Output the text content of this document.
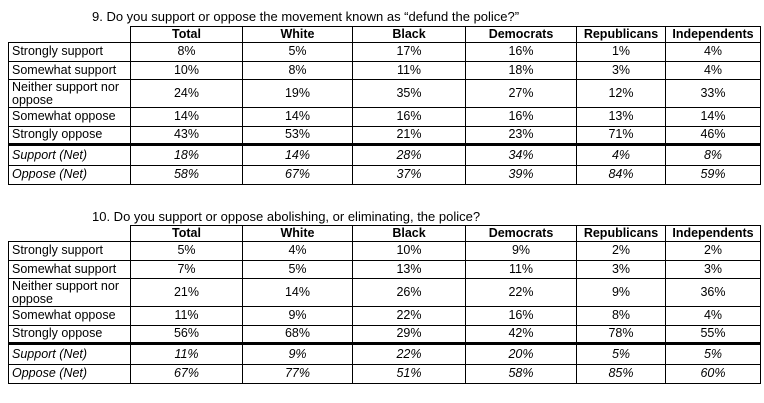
9. Do you support or oppose the movement known as “defund the police?”
	Total	White	Black	Democrats	Republicans	Independents
Strongly support	8%	5%	17%	16%	1%	4%
Somewhat support	10%	8%	11%	18%	3%	4%
Neither support nor oppose	24%	19%	35%	27%	12%	33%
Somewhat oppose	14%	14%	16%	16%	13%	14%
Strongly oppose	43%	53%	21%	23%	71%	46%
Support (Net)	18%	14%	28%	34%	4%	8%
Oppose (Net)	58%	67%	37%	39%	84%	59%
10. Do you support or oppose abolishing, or eliminating, the police?
	Total	White	Black	Democrats	Republicans	Independents
Strongly support	5%	4%	10%	9%	2%	2%
Somewhat support	7%	5%	13%	11%	3%	3%
Neither support nor oppose	21%	14%	26%	22%	9%	36%
Somewhat oppose	11%	9%	22%	16%	8%	4%
Strongly oppose	56%	68%	29%	42%	78%	55%
Support (Net)	11%	9%	22%	20%	5%	5%
Oppose (Net)	67%	77%	51%	58%	85%	60%
